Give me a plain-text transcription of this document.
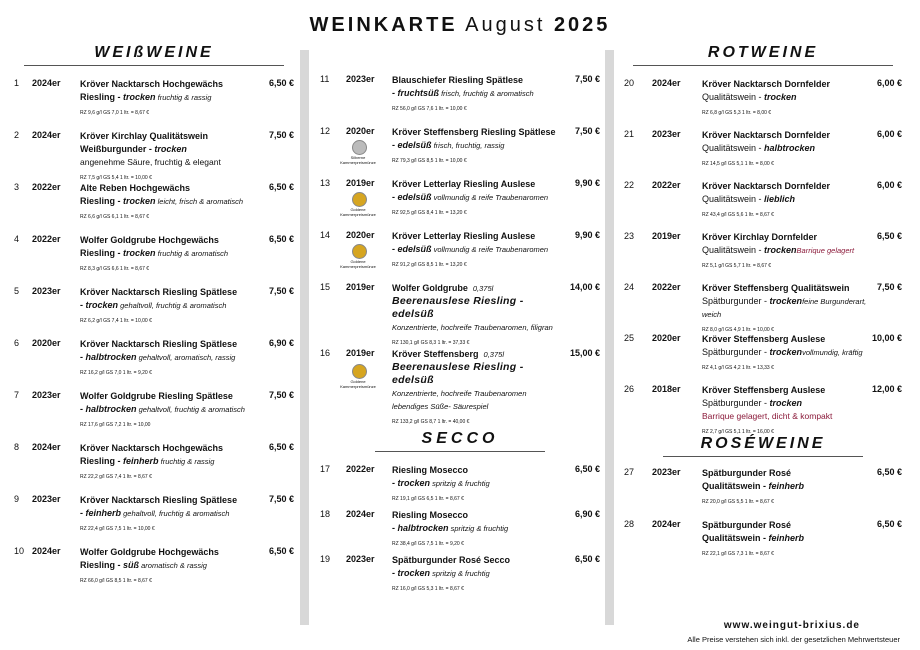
WEINKARTE August 2025
WEIßWEINE
1 2024er Kröver Nacktarsch Hochgewächs
Riesling - trocken fruchtig & rassig
RZ 9,6 g/l GS 7,0 1 ltr. = 8,67 €
6,50 €
2 2024er Kröver Kirchlay Qualitätswein
Weißburgunder - trocken
angenehme Säure, fruchtig & elegant
RZ 7,5 g/l GS 5,4 1 ltr. = 10,00 €
7,50 €
3 2022er Alte Reben Hochgewächs
Riesling - trocken leicht, frisch & aromatisch
RZ 6,6 g/l GS 6,1 1 ltr. = 8,67 €
6,50 €
4 2022er Wolfer Goldgrube Hochgewächs
Riesling - trocken fruchtig & aromatisch
RZ 8,3 g/l GS 6,6 1 ltr. = 8,67 €
6,50 €
5 2023er Kröver Nacktarsch Riesling Spätlese
- trocken gehaltvoll, fruchtig & aromatisch
RZ 6,2 g/l GS 7,4 1 ltr. = 10,00 €
7,50 €
6 2020er Kröver Nacktarsch Riesling Spätlese
- halbtrocken gehaltvoll, aromatisch, rassig
RZ 16,2 g/l GS 7,0 1 ltr. = 9,20 €
6,90 €
7 2023er Wolfer Goldgrube Riesling Spätlese
- halbtrocken gehaltvoll, fruchtig & aromatisch
RZ 17,6 g/l GS 7,2 1 ltr. = 10,00
7,50 €
8 2024er Kröver Nacktarsch Hochgewächs
Riesling - feinherb fruchtig & rassig
RZ 22,2 g/l GS 7,4 1 ltr. = 8,67 €
6,50 €
9 2023er Kröver Nacktarsch Riesling Spätlese
- feinherb gehaltvoll, fruchtig & aromatisch
RZ 22,4 g/l GS 7,5 1 ltr. = 10,00 €
7,50 €
10 2024er Wolfer Goldgrube Hochgewächs
Riesling - süß aromatisch & rassig
RZ 66,0 g/l GS 8,5 1 ltr. = 8,67 €
6,50 €
11 2023er Blauschiefer Riesling Spätlese
- fruchtsüß frisch, fruchtig & aromatisch
RZ 56,0 g/l GS 7,6 1 ltr. = 10,00 €
7,50 €
12 2020er
Silberne Kammerpreismünze
Kröver Steffensberg Riesling Spätlese
- edelsüß frisch, fruchtig, rassig
RZ 79,3 g/l GS 8,5 1 ltr. = 10,00 €
7,50 €
13 2019er
Goldene Kammerpreismünze
Kröver Letterlay Riesling Auslese
- edelsüß vollmundig & reife Traubenaromen
RZ 92,5 g/l GS 8,4 1 ltr. = 13,20 €
9,90 €
14 2020er
Goldene Kammerpreismünze
Kröver Letterlay Riesling Auslese
- edelsüß vollmundig & reife Traubenaromen
RZ 91,2 g/l GS 8,5 1 ltr. = 13,20 €
9,90 €
15 2019er Wolfer Goldgrube 0,375l
Beerenauslese Riesling - edelsüß
Konzentrierte, hochreife Traubenaromen, filigran
RZ 130,1 g/l GS 8,3 1 ltr. = 37,33 €
14,00 €
16 2019er
Goldene Kammerpreismünze
Kröver Steffensberg 0,375l
Beerenauslese Riesling - edelsüß
Konzentrierte, hochreife Traubenaromen lebendiges Süße- Säurespiel
RZ 133,2 g/l GS 8,7 1 ltr. = 40,00 €
15,00 €
SECCO
17 2022er Riesling Mosecco
- trocken spritzig & fruchtig
RZ 19,1 g/l GS 6,5 1 ltr. = 8,67 €
6,50 €
18 2024er Riesling Mosecco
- halbtrocken spritzig & fruchtig
RZ 38,4 g/l GS 7,5 1 ltr. = 9,20 €
6,90 €
19 2023er Spätburgunder Rosé Secco
- trocken spritzig & fruchtig
RZ 16,0 g/l GS 5,3 1 ltr. = 8,67 €
6,50 €
ROTWEINE
20 2024er Kröver Nacktarsch Dornfelder
Qualitätswein - trocken
RZ 6,8 g/l GS 5,3 1 ltr. = 8,00 €
6,00 €
21 2023er Kröver Nacktarsch Dornfelder
Qualitätswein - halbtrocken
RZ 14,5 g/l GS 5,1 1 ltr. = 8,00 €
6,00 €
22 2022er Kröver Nacktarsch Dornfelder
Qualitätswein - lieblich
RZ 43,4 g/l GS 5,6 1 ltr. = 8,67 €
6,00 €
23 2019er Kröver Kirchlay Dornfelder
Qualitätswein - trockenBarrique gelagert
RZ 5,1 g/l GS 5,7 1 ltr. = 8,67 €
6,50 €
24 2022er Kröver Steffensberg Qualitätswein
Spätburgunder - trockenfeine Burgunderart, weich
RZ 8,0 g/l GS 4,9 1 ltr. = 10,00 €
7,50 €
25 2020er Kröver Steffensberg Auslese
Spätburgunder - trockenvollmundig, kräftig
RZ 4,1 g/l GS 4,2 1 ltr. = 13,33 €
10,00 €
26 2018er Kröver Steffensberg Auslese
Spätburgunder - trocken
Barrique gelagert, dicht & kompakt
RZ 2,7 g/l GS 5,1 1 ltr. = 16,00 €
12,00 €
ROSÉWEINE
27 2023er Spätburgunder Rosé
Qualitätswein - feinherb
RZ 20,0 g/l GS 5,5 1 ltr. = 8,67 €
6,50 €
28 2024er Spätburgunder Rosé
Qualitätswein - feinherb
RZ 22,1 g/l GS 7,3 1 ltr. = 8,67 €
6,50 €
www.weingut-brixius.de
Alle Preise verstehen sich inkl. der gesetzlichen Mehrwertsteuer
